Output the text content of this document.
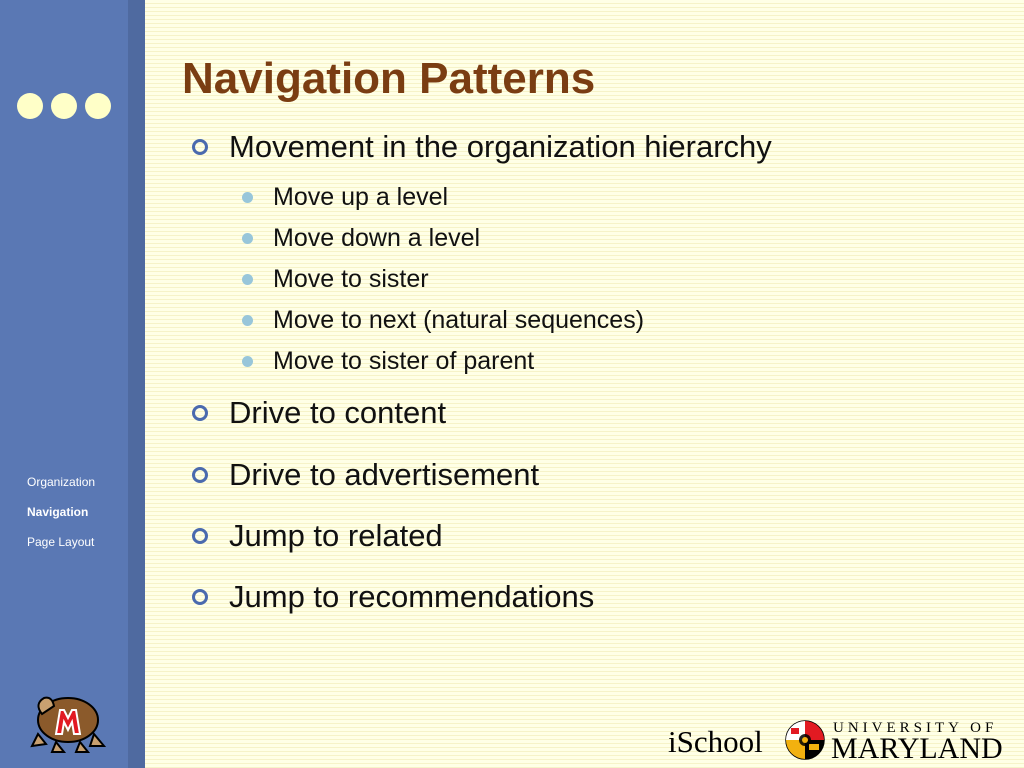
Organization
Navigation
Page Layout
Navigation Patterns
Movement in the organization hierarchy
Move up a level
Move down a level
Move to sister
Move to next (natural sequences)
Move to sister of parent
Drive to content
Drive to advertisement
Jump to related
Jump to recommendations
iSchool	UNIVERSITY OF
MARYLAND
